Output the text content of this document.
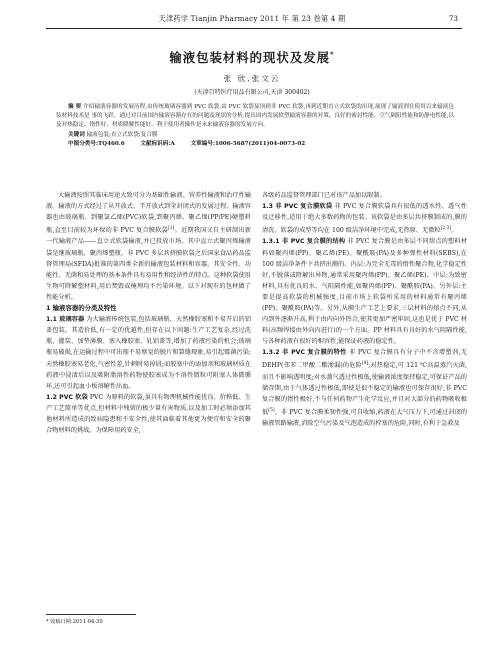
天津药学 Tianjin Pharmacy 2011 年 第 23 卷第 4 期	73
输液包装材料的现状及发展*
张 欣,张文云
(天津百特医疗用品有限公司,天津 300402)

摘 要 介绍输液容器的发展历程,由传统玻璃容器到 PVC 软袋,由 PVC 软袋及顶到非 PVC 软袋,再到近期直立式软袋的出现,展现了输液剂在使用以来输液包装材料技术是 事的飞跃。通过对目前国内输液容器存在的问题及现状的分析,提出国内发展软塑输液容器的对策。良好的密封性能、空气隔阻性能和防静电性能,以及对热稳定、惰性好、材质降解性能好、利于使用者操作是未来输液容器的发展方向。

关键词 输液包装;直立式软袋;复合膜

中图分类号:TQ460.6	文献标识码:A	文章编号:1006-5687(2011)04-0073-02

大输液按照其临床用途大致可分为基础性输液、营养性输液和治疗性输液。输液的方式经过了从开放式、半开放式到全封闭式的发展过程。输液容器也由玻璃瓶、到聚氯乙烯(PVC)软袋,到聚丙烯、聚乙烯(PP/PE)硬塑料瓶,直至目前较为环保的非 PVC 复合膜软袋[1]。近期我国又自主研制出新一代输液产品——直立式软袋输液,并已投放市场。其中直立式聚丙烯输液袋是继玻璃瓶、聚丙烯塑瓶、非 PVC 多层共挤膜软袋之后国家食品药品监督管理局(SFDA)批准的第四类全新的输液包装材料和容器。其安全性、功能性、无菌和易处理的基本条件具有易用性和经济性的特点。这种软袋使用生物可降解塑材料,用后焚毁或掩埋均不污染环境。以下对现有的包材做了性能分析。

1 输液容器的分类及特性

1.1 玻璃容器 为大输液传统包装,包括玻璃瓶、天然橡胶塞和不易开启的铝盖包装。其造价低,有一定的优越性,但存在以下问题:生产工艺复杂,经过洗瓶、灌装、加垫薄膜、塞入橡胶塞、轧铝盖等,增加了药液污染的机会;玻璃瓶易破损,在运输过程中可出现不易察觉的脱片和裂缝现象,易引起霉菌污染;天然橡胶塞易老化,气密性差,针刺时易掉屑;而胶塞中的添加剂和玻璃材质在药液中浸渍后以及吸附脂溶性药物使胶塞成为不溶性微粒可阻塞人体微循环,还可引起血小板溶解性出血。

1.2 PVC 软袋 PVC 为原料的软袋,虽具有物理机械性能优良、价格低、生产工艺简单等优点,但材料中残留的极少量有害物质,以及加工时必须添加其他材料所造成的致病隐患和不安全性,使其面临着其他更为便宜和安全的聚合物材料的挑战。为保障用药安全,

各级药品监督管理部门已对该产品加以限制。

1.3 非 PVC 复合膜软袋 非 PVC 复合膜软袋具有很低的透水性、透气性及迁移性,适用于绝大多数药物的包装。该软袋是由多层共挤膜制成的,膜的清洗、软袋的成型等均在 100 级洁净环境中完成,无热原、无微粒[2,3]。

1.3.1 非 PVC 复合膜的结构 非 PVC 复合膜是由多层不同熔点的塑料材料如聚丙烯(PP)、聚乙烯(PE)、聚酰胺(PA)及多种弹性材料(SEBS),在 100 级洁净条件下共挤出膜的。内层:为完全无毒的惰性聚合物,化学稳定性好,不脱落或降解出异物,通常采用聚丙烯(PP)、聚乙烯(PE)。中层:为致密材料,具有优良的水、气阻隔性能,如聚丙烯(PP)、聚酰胺(PA)。另外层:主要是提高软袋的机械强度,目前市场上软袋所采用的材料通常有聚丙烯(PP)、聚酰胺(PA)等。另外,从膜生产工艺上要求,三层材料的熔点不同,从内到外逐渐升高,利于由内向外热合,使其更加严密牢固,这也是优于 PVC 材料(高频焊接由外向内进行)的一个方面。PP 材料具有良好的水气阻隔性能,与各种药液有很好的相容性,能保证药液的稳定性。

1.3.2 非 PVC 复合膜的特性 非 PVC 复合膜具有分子中不含增塑剂,无 DEHP(邻苯二甲酸二酯渗漏)的危险[4];对热稳定,可 121 ℃高温蒸汽灭菌,而且不影响透明度;对水蒸气透过性极低,使输液浓度保持稳定,可保证产品的储存期,由于气体透过性极低,即使是很不稳定的输液也可保存很好,非 PVC 复合膜的惰性极好,不与任何药物产生化学反应,并且对大部分的药物吸收极低[5]。非 PVC 复合膜柔韧性强,可自收缩,药液在大气压力下,可通过封闭的输液管路输液,消除空气污染及气泡造成的栓塞的危险,同时,有利于急救及

* 收稿日期:2011-04-30
